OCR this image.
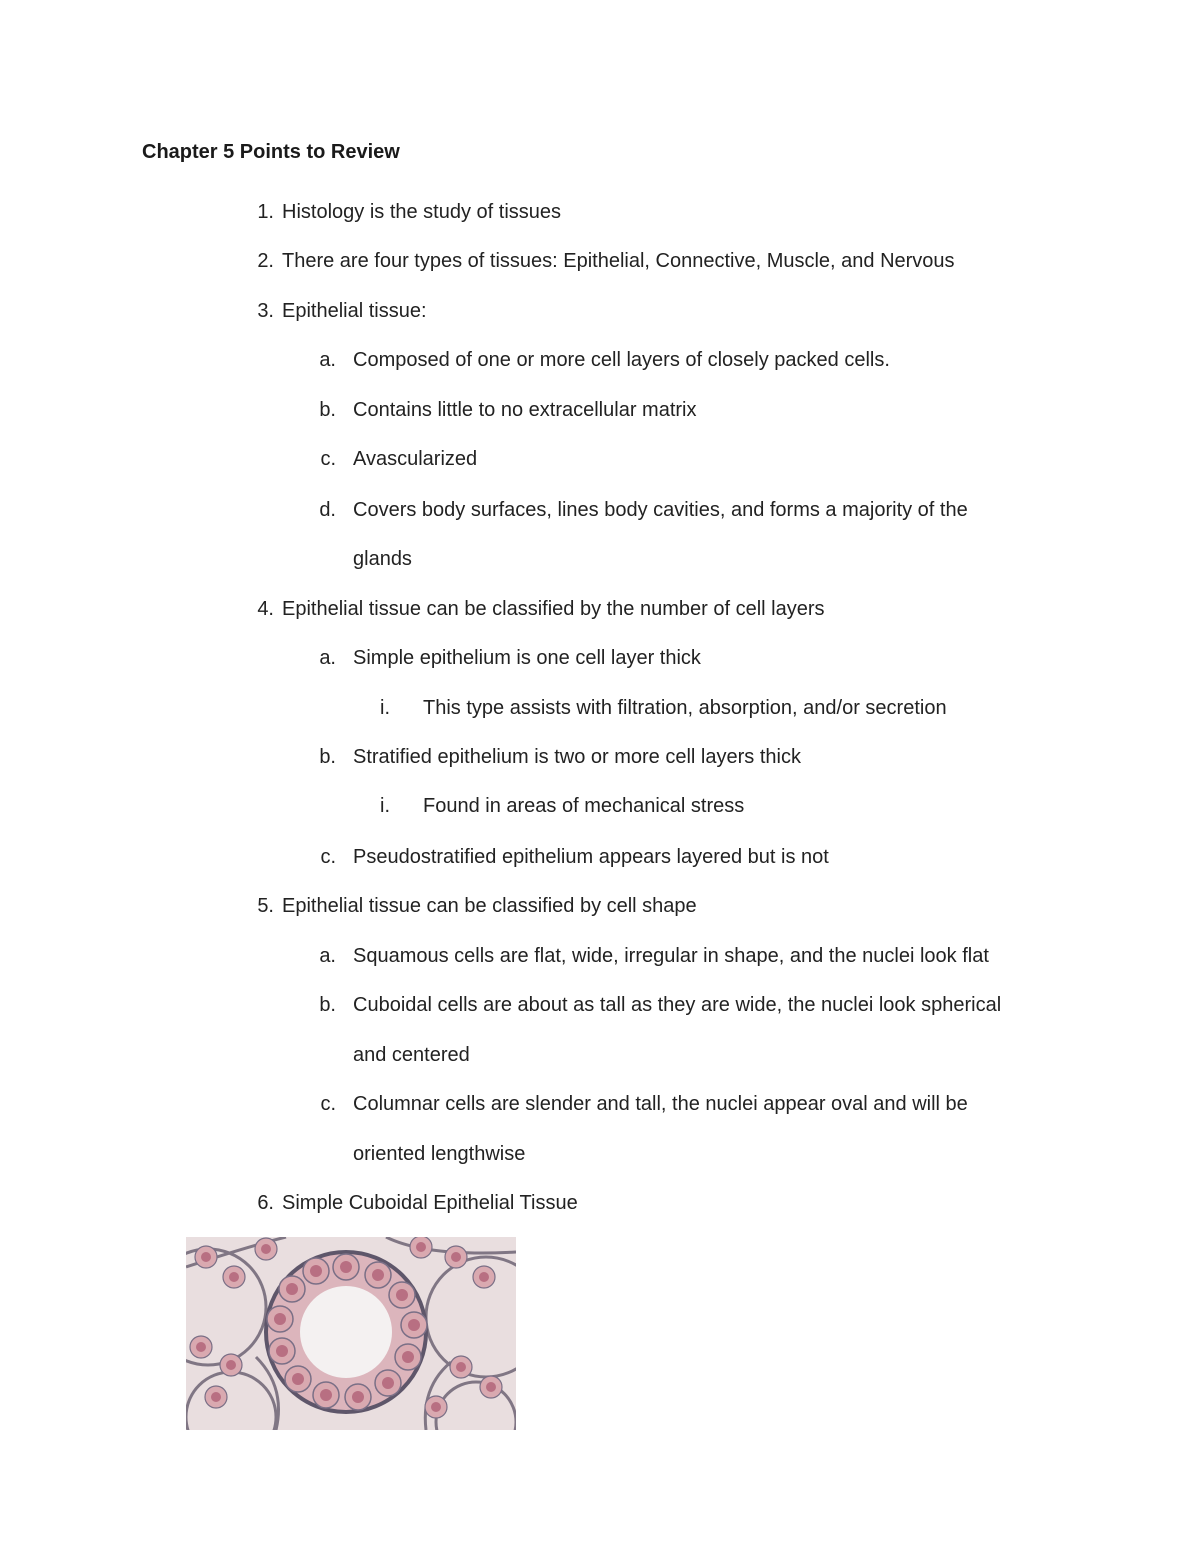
Chapter 5 Points to Review
1. Histology is the study of tissues
2. There are four types of tissues: Epithelial, Connective, Muscle, and Nervous
3. Epithelial tissue:
a. Composed of one or more cell layers of closely packed cells.
b. Contains little to no extracellular matrix
c. Avascularized
d. Covers body surfaces, lines body cavities, and forms a majority of the
glands
4. Epithelial tissue can be classified by the number of cell layers
a. Simple epithelium is one cell layer thick
i. This type assists with filtration, absorption, and/or secretion
b. Stratified epithelium is two or more cell layers thick
i. Found in areas of mechanical stress
c. Pseudostratified epithelium appears layered but is not
5. Epithelial tissue can be classified by cell shape
a. Squamous cells are flat, wide, irregular in shape, and the nuclei look flat
b. Cuboidal cells are about as tall as they are wide, the nuclei look spherical
and centered
c. Columnar cells are slender and tall, the nuclei appear oval and will be
oriented lengthwise
6. Simple Cuboidal Epithelial Tissue
